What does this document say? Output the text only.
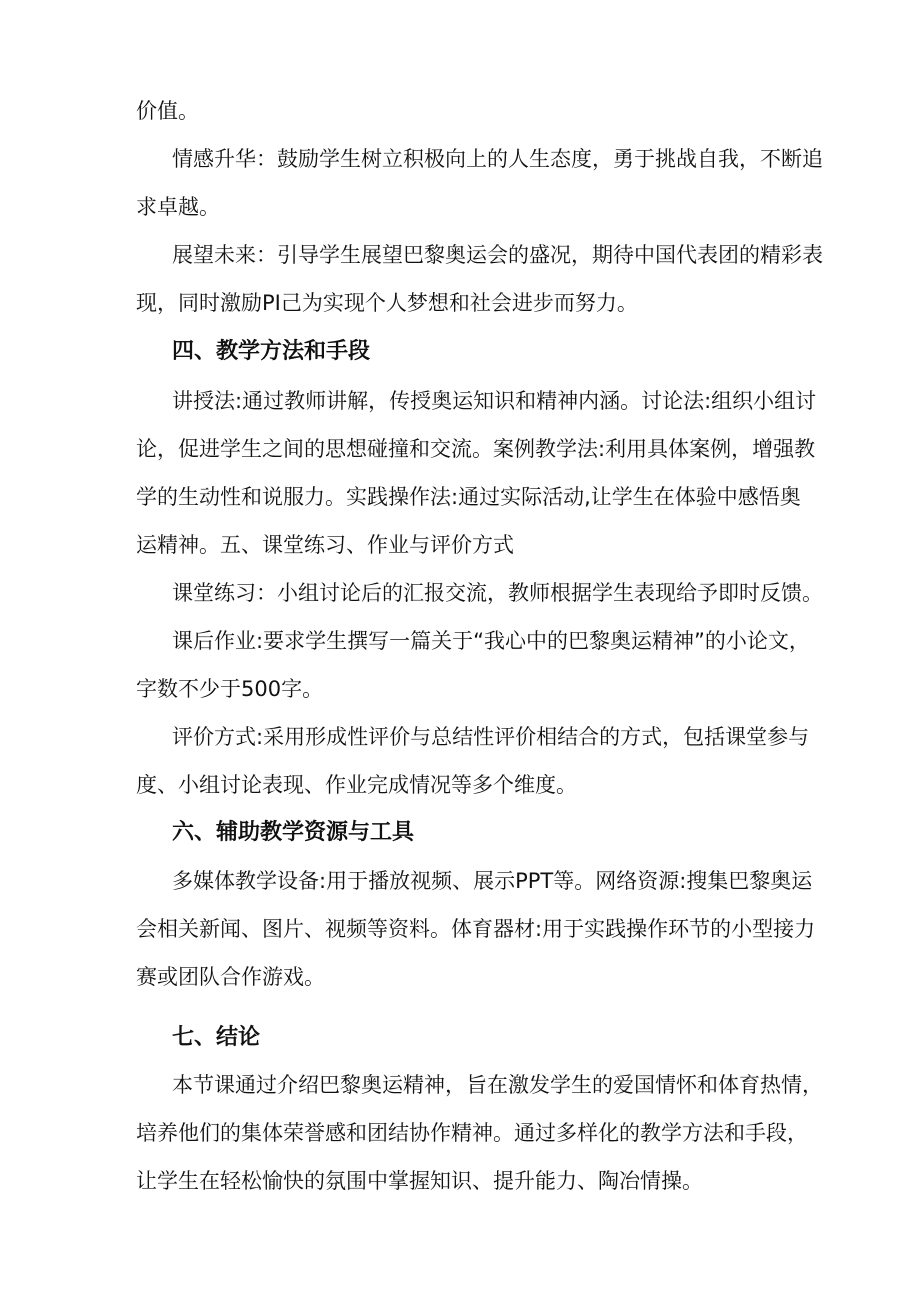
价值。
情感升华：鼓励学生树立积极向上的人生态度，勇于挑战自我，不断追
求卓越。
展望未来：引导学生展望巴黎奥运会的盛况，期待中国代表团的精彩表
现，同时激励PI己为实现个人梦想和社会进步而努力。
四、教学方法和手段
讲授法:通过教师讲解，传授奥运知识和精神内涵。讨论法:组织小组讨
论，促进学生之间的思想碰撞和交流。案例教学法:利用具体案例，增强教
学的生动性和说服力。实践操作法:通过实际活动,让学生在体验中感悟奥
运精神。五、课堂练习、作业与评价方式
课堂练习：小组讨论后的汇报交流，教师根据学生表现给予即时反馈。
课后作业:要求学生撰写一篇关于“我心中的巴黎奥运精神”的小论文，
字数不少于500字。
评价方式:采用形成性评价与总结性评价相结合的方式，包括课堂参与
度、小组讨论表现、作业完成情况等多个维度。
六、辅助教学资源与工具
多媒体教学设备:用于播放视频、展示PPT等。网络资源:搜集巴黎奥运
会相关新闻、图片、视频等资料。体育器材:用于实践操作环节的小型接力
赛或团队合作游戏。
七、结论
本节课通过介绍巴黎奥运精神，旨在激发学生的爱国情怀和体育热情，
培养他们的集体荣誉感和团结协作精神。通过多样化的教学方法和手段，
让学生在轻松愉快的氛围中掌握知识、提升能力、陶冶情操。
